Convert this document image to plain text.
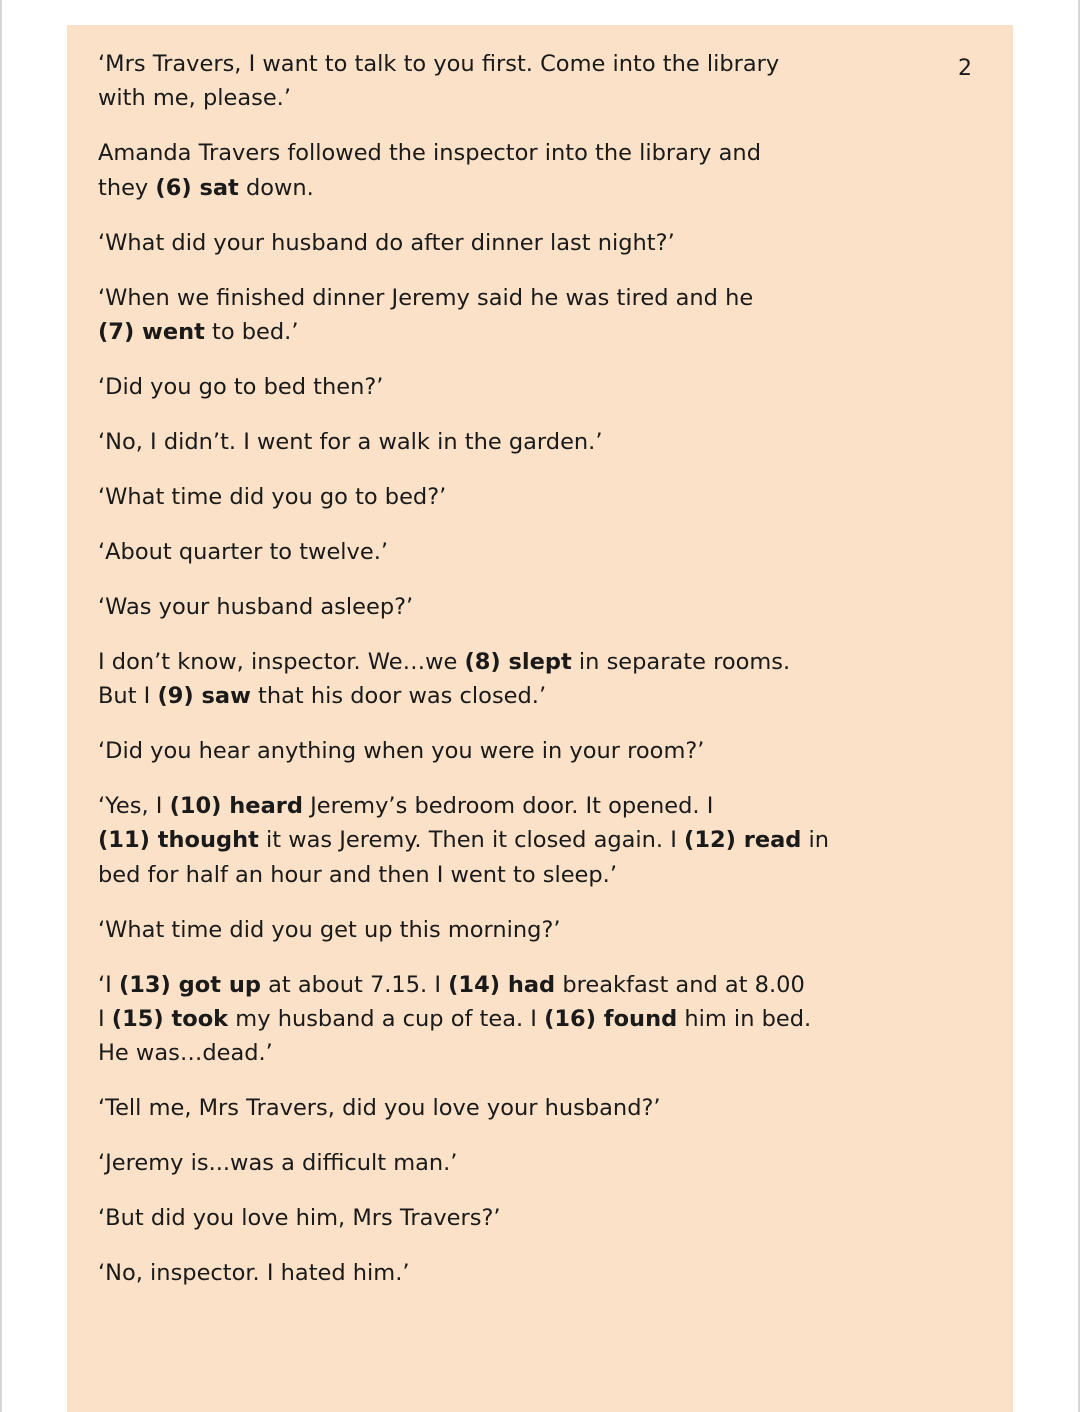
2

‘Mrs Travers, I want to talk to you first. Come into the library
with me, please.’

Amanda Travers followed the inspector into the library and
they (6) sat down.

‘What did your husband do after dinner last night?’

‘When we finished dinner Jeremy said he was tired and he
(7) went to bed.’

‘Did you go to bed then?’

‘No, I didn’t. I went for a walk in the garden.’

‘What time did you go to bed?’

‘About quarter to twelve.’

‘Was your husband asleep?’

I don’t know, inspector. We…we (8) slept in separate rooms.
But I (9) saw that his door was closed.’

‘Did you hear anything when you were in your room?’

‘Yes, I (10) heard Jeremy’s bedroom door. It opened. I
(11) thought it was Jeremy. Then it closed again. I (12) read in
bed for half an hour and then I went to sleep.’

‘What time did you get up this morning?’

‘I (13) got up at about 7.15. I (14) had breakfast and at 8.00
I (15) took my husband a cup of tea. I (16) found him in bed.
He was…dead.’

‘Tell me, Mrs Travers, did you love your husband?’

‘Jeremy is...was a difficult man.’

‘But did you love him, Mrs Travers?’

‘No, inspector. I hated him.’
